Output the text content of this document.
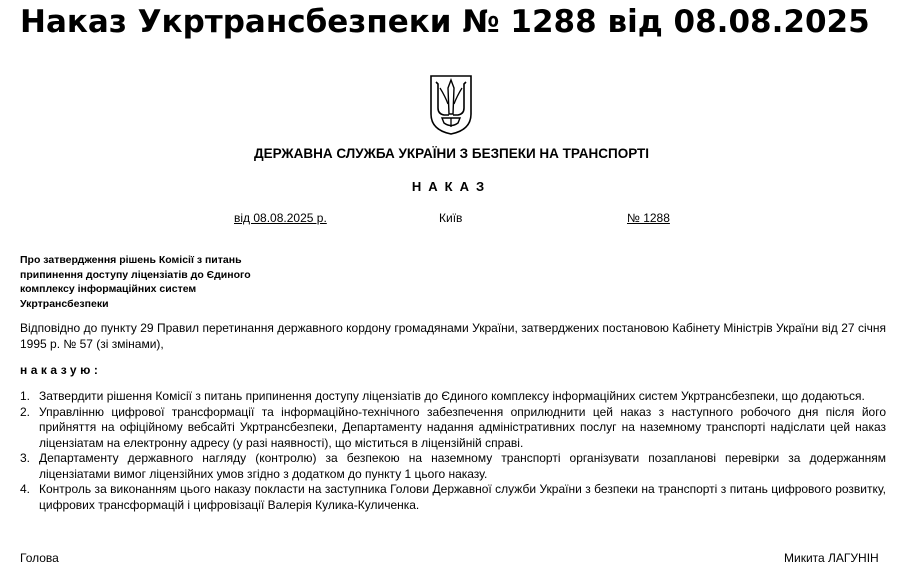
Наказ Укртрансбезпеки № 1288 від 08.08.2025
ДЕРЖАВНА СЛУЖБА УКРАЇНИ З БЕЗПЕКИ НА ТРАНСПОРТІ
НАКАЗ
від 08.08.2025 р.	Київ	№ 1288
Про затвердження рішень Комісії з питань припинення доступу ліцензіатів до Єдиного комплексу інформаційних систем Укртрансбезпеки
Відповідно до пункту 29 Правил перетинання державного кордону громадянами України, затверджених постановою Кабінету Міністрів України від 27 січня 1995 р. № 57 (зі змінами),
наказую:
1. Затвердити рішення Комісії з питань припинення доступу ліцензіатів до Єдиного комплексу інформаційних систем Укртрансбезпеки, що додаються.
2. Управлінню цифрової трансформації та інформаційно-технічного забезпечення оприлюднити цей наказ з наступного робочого дня після його прийняття на офіційному вебсайті Укртрансбезпеки, Департаменту надання адміністративних послуг на наземному транспорті надіслати цей наказ ліцензіатам на електронну адресу (у разі наявності), що міститься в ліцензійній справі.
3. Департаменту державного нагляду (контролю) за безпекою на наземному транспорті організувати позапланові перевірки за додержанням ліцензіатами вимог ліцензійних умов згідно з додатком до пункту 1 цього наказу.
4. Контроль за виконанням цього наказу покласти на заступника Голови Державної служби України з безпеки на транспорті з питань цифрового розвитку, цифрових трансформацій і цифровізації Валерія Кулика-Куличенка.
Голова	Микита ЛАГУНІН
